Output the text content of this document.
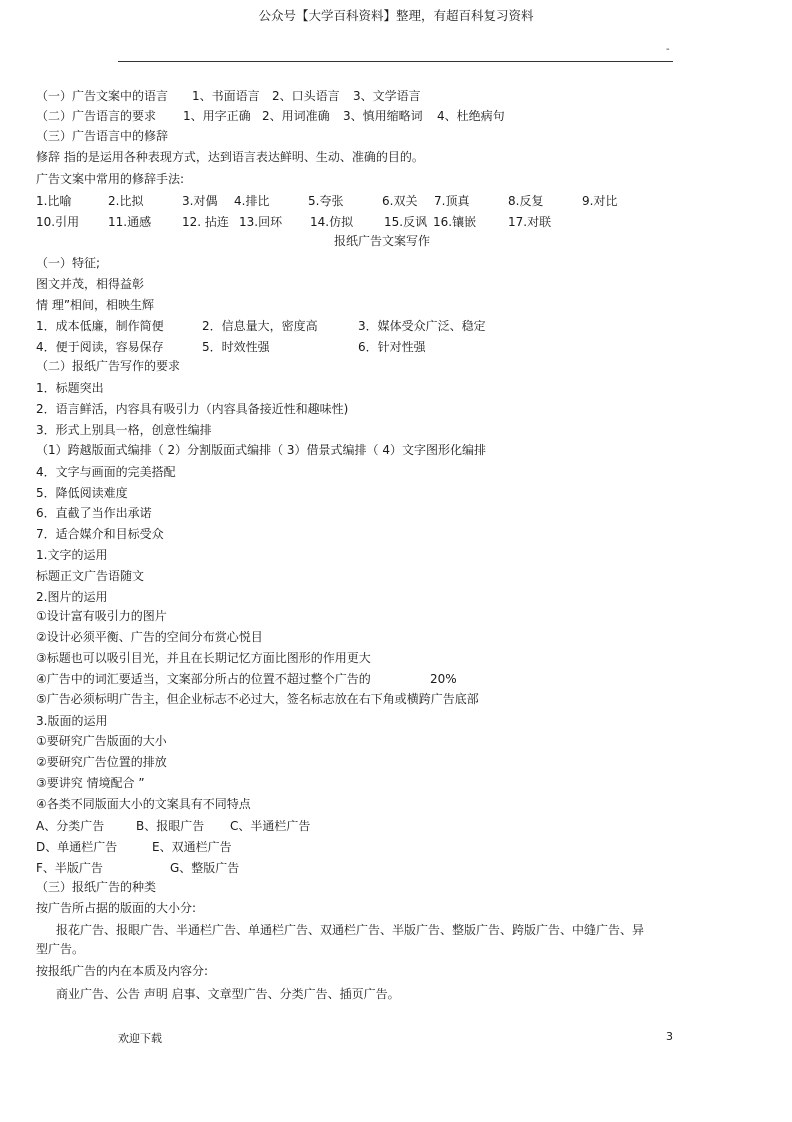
公众号【大学百科资料】整理，有超百科复习资料
-
（一）广告文案中的语言 1、书面语言 2、口头语言 3、文学语言
（二）广告语言的要求 1、用字正确 2、用词准确 3、慎用缩略词 4、杜绝病句
（三）广告语言中的修辞
修辞 指的是运用各种表现方式，达到语言表达鲜明、生动、准确的目的。
广告文案中常用的修辞手法:
1.比喻	2.比拟	3.对偶 4.排比	5.夸张	6.双关 7.顶真	8.反复	9.对比
10.引用 11.通感	12. 拈连 13.回环 14.仿拟	15.反讽 16.镶嵌	17.对联
报纸广告文案写作
（一）特征;
图文并茂，相得益彰
情 理”相间，相映生辉
1．成本低廉，制作简便	2．信息量大，密度高	3．媒体受众广泛、稳定
4．便于阅读，容易保存	5．时效性强	6．针对性强
（二）报纸广告写作的要求
1．标题突出
2．语言鲜活，内容具有吸引力（内容具备接近性和趣味性)
3．形式上别具一格，创意性编排
（1）跨越版面式编排（ 2）分割版面式编排（ 3）借景式编排（ 4）文字图形化编排
4．文字与画面的完美搭配
5．降低阅读难度
6．直截了当作出承诺
7．适合媒介和目标受众
1.文字的运用
标题正文广告语随文
2.图片的运用
①设计富有吸引力的图片
②设计必须平衡、广告的空间分布赏心悦目
③标题也可以吸引目光，并且在长期记忆方面比图形的作用更大
④广告中的词汇要适当，文案部分所占的位置不超过整个广告的	20%
⑤广告必须标明广告主，但企业标志不必过大，签名标志放在右下角或横跨广告底部
3.版面的运用
①要研究广告版面的大小
②要研究广告位置的排放
③要讲究 情境配合 ”
④各类不同版面大小的文案具有不同特点
A、分类广告	B、报眼广告 C、半通栏广告
D、单通栏广告	E、双通栏广告
F、半版广告	G、整版广告
（三）报纸广告的种类
按广告所占据的版面的大小分:
报花广告、报眼广告、半通栏广告、单通栏广告、双通栏广告、半版广告、整版广告、跨版广告、中缝广告、异
型广告。
按报纸广告的内在本质及内容分:
商业广告、公告 声明 启事、文章型广告、分类广告、插页广告。
欢迎下载	3
